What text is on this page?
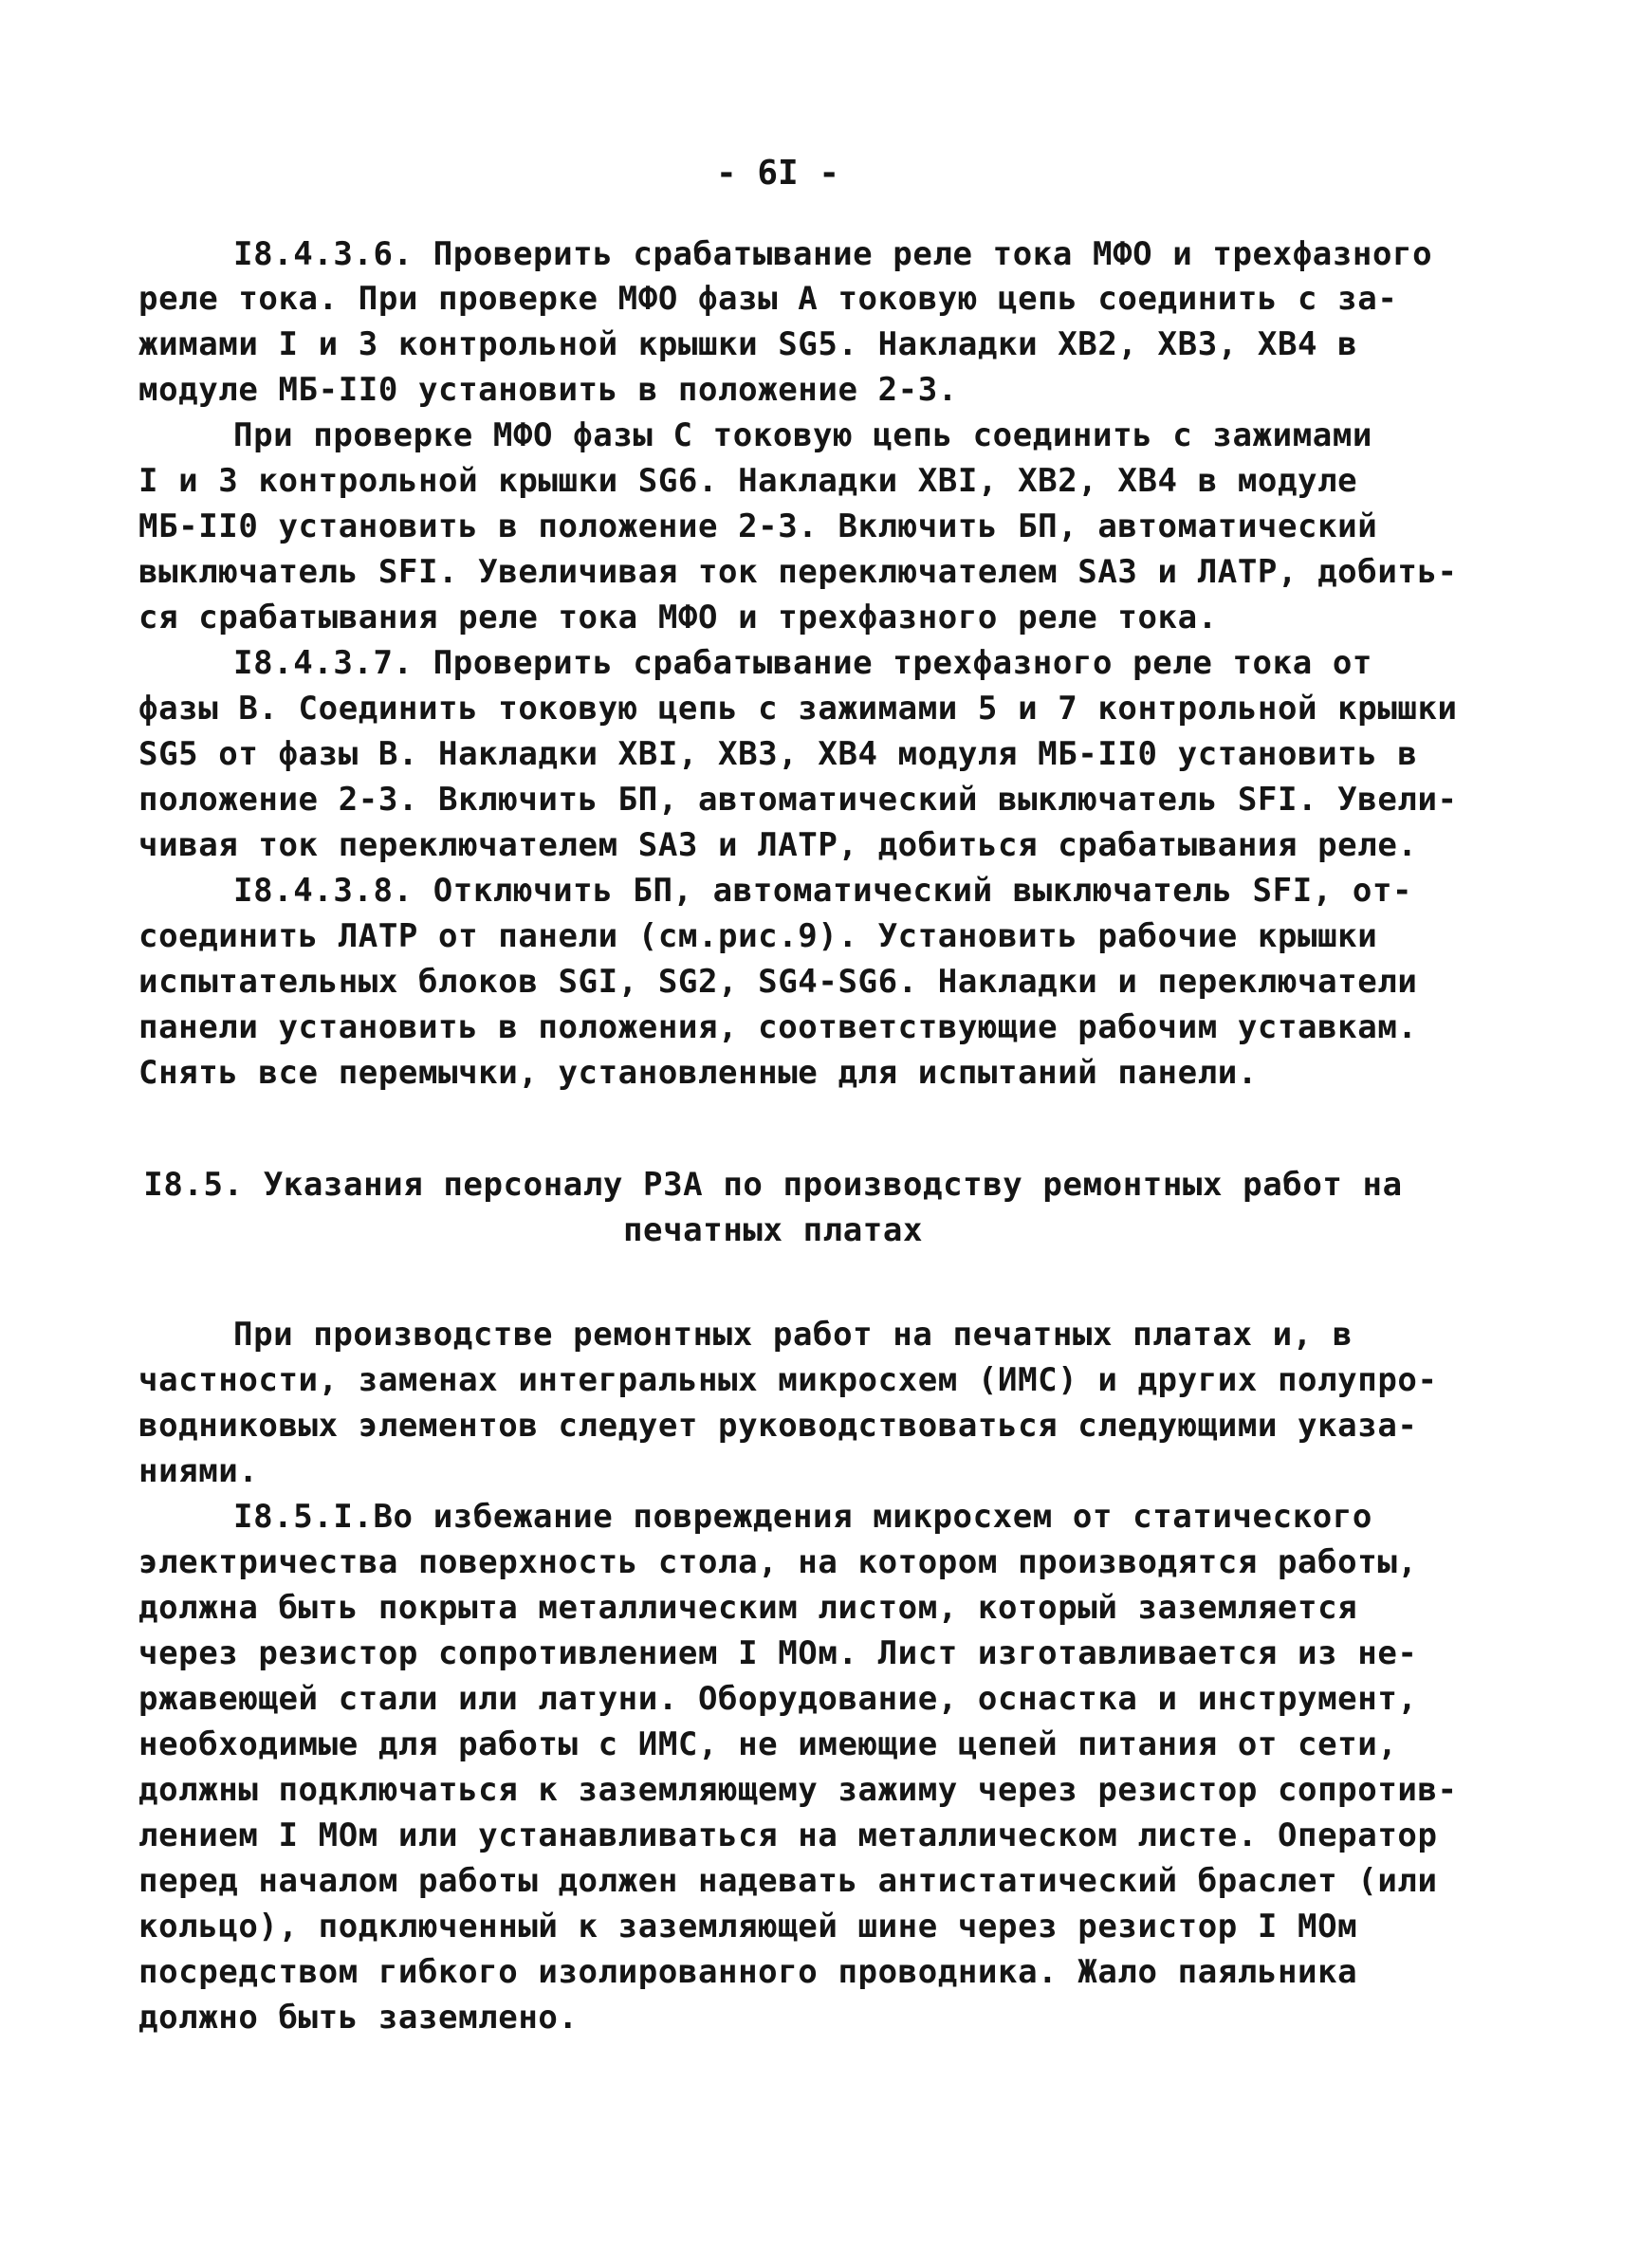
- 6I -

I8.4.3.6. Проверить срабатывание реле тока МФО и трехфазного

реле тока. При проверке МФО фазы А токовую цепь соединить с за-

жимами I и 3 контрольной крышки SG5. Накладки ХВ2, ХВЗ, ХВ4 в

модуле МБ-II0 установить в положение 2-3.

При проверке МФО фазы С токовую цепь соединить с зажимами

I и 3 контрольной крышки SG6. Накладки ХВI, ХВ2, ХВ4 в модуле

МБ-II0 установить в положение 2-3. Включить БП, автоматический

выключатель SFI. Увеличивая ток переключателем SA3 и ЛАТР, добить-

ся срабатывания реле тока МФО и трехфазного реле тока.

I8.4.3.7. Проверить срабатывание трехфазного реле тока от

фазы В. Соединить токовую цепь с зажимами 5 и 7 контрольной крышки

SG5 от фазы В. Накладки ХВI, ХВЗ, ХВ4 модуля МБ-II0 установить в

положение 2-3. Включить БП, автоматический выключатель SFI. Увели-

чивая ток переключателем SA3 и ЛАТР, добиться срабатывания реле.

I8.4.3.8. Отключить БП, автоматический выключатель SFI, от-

соединить ЛАТР от панели (см.рис.9). Установить рабочие крышки

испытательных блоков SGI, SG2, SG4-SG6. Накладки и переключатели

панели установить в положения, соответствующие рабочим уставкам.

Снять все перемычки, установленные для испытаний панели.

I8.5. Указания персоналу РЗА по производству ремонтных работ на

печатных платах

При производстве ремонтных работ на печатных платах и, в

частности, заменах интегральных микросхем (ИМС) и других полупро-

водниковых элементов следует руководствоваться следующими указа-

ниями.

I8.5.I.Во избежание повреждения микросхем от статического

электричества поверхность стола, на котором производятся работы,

должна быть покрыта металлическим листом, который заземляется

через резистор сопротивлением I МОм. Лист изготавливается из не-

ржавеющей стали или латуни. Оборудование, оснастка и инструмент,

необходимые для работы с ИМС, не имеющие цепей питания от сети,

должны подключаться к заземляющему зажиму через резистор сопротив-

лением I МОм или устанавливаться на металлическом листе. Оператор

перед началом работы должен надевать антистатический браслет (или

кольцо), подключенный к заземляющей шине через резистор I МОм

посредством гибкого изолированного проводника. Жало паяльника

должно быть заземлено.
